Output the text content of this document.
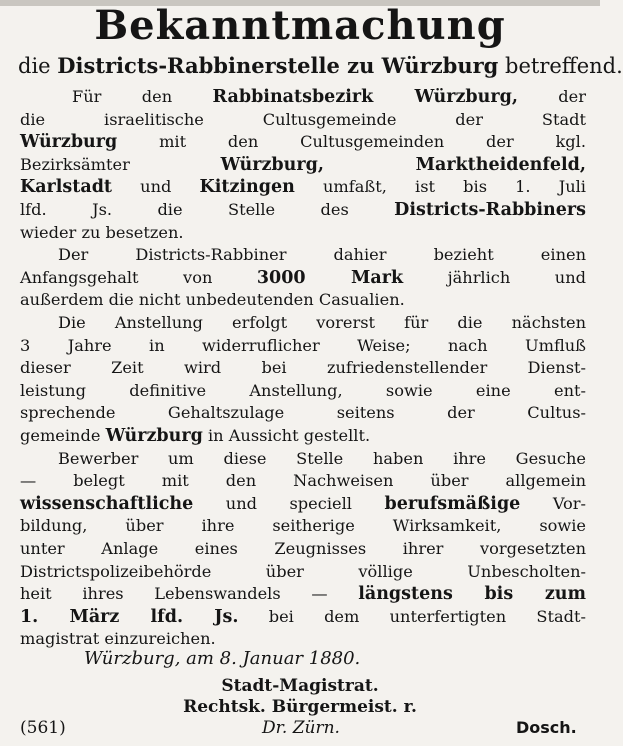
Bekanntmachung
die Districts-Rabbinerstelle zu Würzburg betreffend.
Für den Rabbinatsbezirk Würzburg, der
die israelitische Cultusgemeinde der Stadt
Würzburg mit den Cultusgemeinden der kgl.
Bezirksämter Würzburg, Marktheidenfeld,
Karlstadt und Kitzingen umfaßt, ist bis 1. Juli
lfd. Js. die Stelle des Districts-Rabbiners
wieder zu besetzen.
Der Districts-Rabbiner dahier bezieht einen
Anfangsgehalt von 3000 Mark jährlich und
außerdem die nicht unbedeutenden Casualien.
Die Anstellung erfolgt vorerst für die nächsten
3 Jahre in widerruflicher Weise; nach Umfluß
dieser Zeit wird bei zufriedenstellender Dienst-
leistung definitive Anstellung, sowie eine ent-
sprechende Gehaltszulage seitens der Cultus-
gemeinde Würzburg in Aussicht gestellt.
Bewerber um diese Stelle haben ihre Gesuche
— belegt mit den Nachweisen über allgemein
wissenschaftliche und speciell berufsmäßige Vor-
bildung, über ihre seitherige Wirksamkeit, sowie
unter Anlage eines Zeugnisses ihrer vorgesetzten
Districtspolizeibehörde über völlige Unbescholten-
heit ihres Lebenswandels — längstens bis zum
1. März lfd. Js. bei dem unterfertigten Stadt-
magistrat einzureichen.
Würzburg, am 8. Januar 1880.
Stadt-Magistrat.
Rechtsk. Bürgermeist. r.
(561)	Dr. Zürn.	Dosch.
